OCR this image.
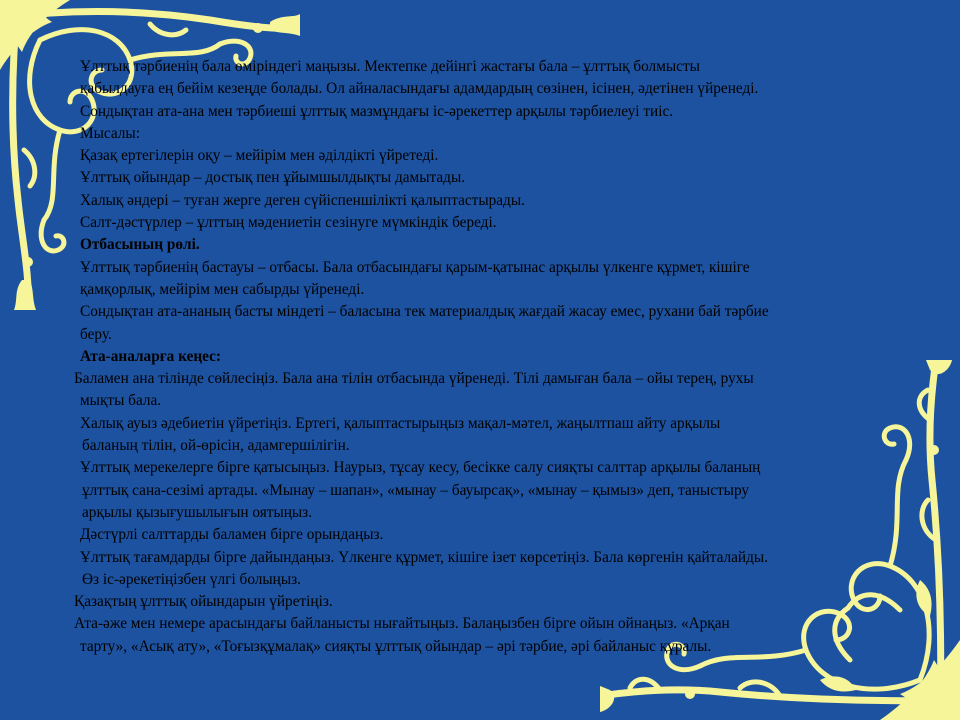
Ұлттық тәрбиенің бала өміріндегі маңызы. Мектепке дейінгі жастағы бала – ұлттық болмысты

қабылдауға ең бейім кезеңде болады. Ол айналасындағы адамдардың сөзінен, ісінен, әдетінен үйренеді.

Сондықтан ата-ана мен тәрбиеші ұлттық мазмұндағы іс-әрекеттер арқылы тәрбиелеуі тиіс.

Мысалы:

Қазақ ертегілерін оқу – мейірім мен әділдікті үйретеді.

Ұлттық ойындар – достық пен ұйымшылдықты дамытады.

Халық әндері – туған жерге деген сүйіспеншілікті қалыптастырады.

Салт-дәстүрлер – ұлттың мәдениетін сезінуге мүмкіндік береді.

Отбасының рөлі.

Ұлттық тәрбиенің бастауы – отбасы. Бала отбасындағы қарым-қатынас арқылы үлкенге құрмет, кішіге

қамқорлық, мейірім мен сабырды үйренеді.

Сондықтан ата-ананың басты міндеті – баласына тек материалдық жағдай жасау емес, рухани бай тәрбие

беру.

Ата-аналарға кеңес:

Баламен ана тілінде сөйлесіңіз. Бала ана тілін отбасында үйренеді. Тілі дамыған бала – ойы терең, рухы

мықты бала.

Халық ауыз әдебиетін үйретіңіз. Ертегі, қалыптастырыңыз мақал-мәтел, жаңылтпаш айту арқылы

баланың тілін, ой-өрісін, адамгершілігін.

Ұлттық мерекелерге бірге қатысыңыз. Наурыз, тұсау кесу, бесікке салу сияқты салттар арқылы баланың

ұлттық сана-сезімі артады. «Мынау – шапан», «мынау – бауырсақ», «мынау – қымыз» деп, таныстыру

арқылы қызығушылығын оятыңыз.

Дәстүрлі салттарды баламен бірге орындаңыз.

Ұлттық тағамдарды бірге дайындаңыз. Үлкенге құрмет, кішіге ізет көрсетіңіз. Бала көргенін қайталайды.

Өз іс-әрекетіңізбен үлгі болыңыз.

Қазақтың ұлттық ойындарын үйретіңіз.

Ата-әже мен немере арасындағы байланысты нығайтыңыз. Балаңызбен бірге ойын ойнаңыз. «Арқан

тарту», «Асық ату», «Тоғызқұмалақ» сияқты ұлттық ойындар – әрі тәрбие, әрі байланыс құралы.
